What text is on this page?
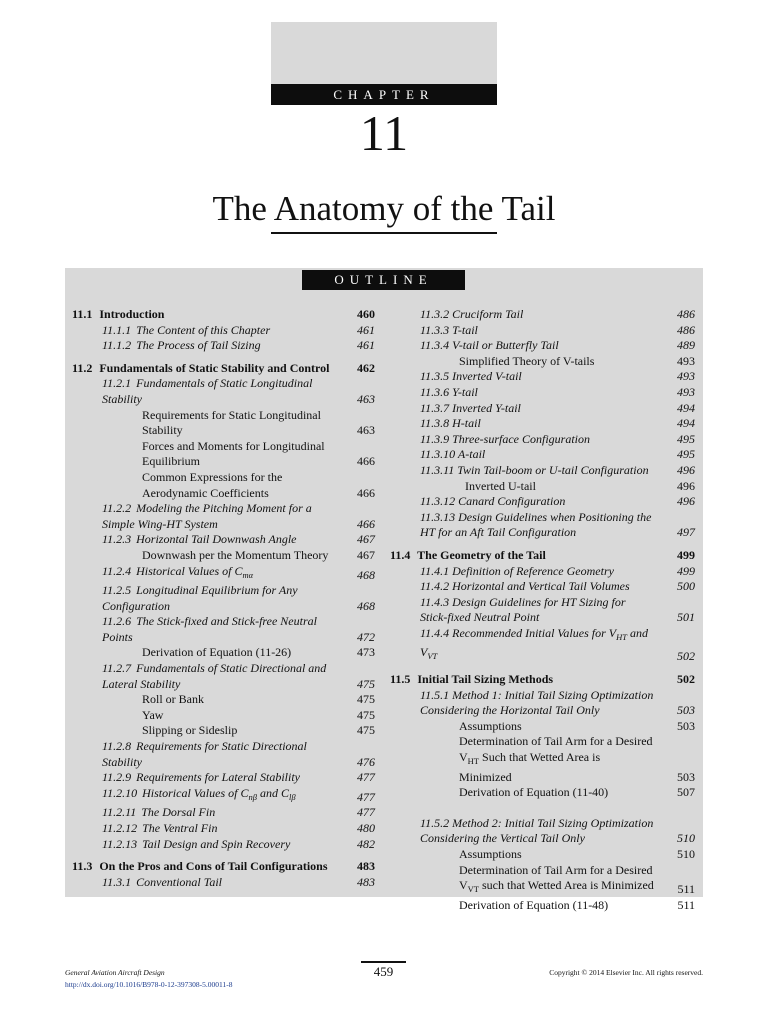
CHAPTER
11
The Anatomy of the Tail
OUTLINE
11.1 Introduction	460
11.1.1 The Content of this Chapter	461
11.1.2 The Process of Tail Sizing	461
11.2 Fundamentals of Static Stability and Control	462
11.2.1 Fundamentals of Static Longitudinal Stability	463
Requirements for Static Longitudinal Stability	463
Forces and Moments for Longitudinal Equilibrium	466
Common Expressions for the Aerodynamic Coefficients	466
11.2.2 Modeling the Pitching Moment for a Simple Wing-HT System	466
11.2.3 Horizontal Tail Downwash Angle	467
Downwash per the Momentum Theory	467
11.2.4 Historical Values of $C_{m\alpha}$	468
11.2.5 Longitudinal Equilibrium for Any Configuration	468
11.2.6 The Stick-fixed and Stick-free Neutral Points	472
Derivation of Equation (11-26)	473
11.2.7 Fundamentals of Static Directional and Lateral Stability	475
Roll or Bank	475
Yaw	475
Slipping or Sideslip	475
11.2.8 Requirements for Static Directional Stability	476
11.2.9 Requirements for Lateral Stability	477
11.2.10 Historical Values of $C_{n\beta}$ and $C_{l\beta}$	477
11.2.11 The Dorsal Fin	477
11.2.12 The Ventral Fin	480
11.2.13 Tail Design and Spin Recovery	482
11.3 On the Pros and Cons of Tail Configurations	483
11.3.1 Conventional Tail	483
11.3.2 Cruciform Tail	486
11.3.3 T-tail	486
11.3.4 V-tail or Butterfly Tail	489
Simplified Theory of V-tails	493
11.3.5 Inverted V-tail	493
11.3.6 Y-tail	493
11.3.7 Inverted Y-tail	494
11.3.8 H-tail	494
11.3.9 Three-surface Configuration	495
11.3.10 A-tail	495
11.3.11 Twin Tail-boom or U-tail Configuration	496
Inverted U-tail	496
11.3.12 Canard Configuration	496
11.3.13 Design Guidelines when Positioning the HT for an Aft Tail Configuration	497
11.4 The Geometry of the Tail	499
11.4.1 Definition of Reference Geometry	499
11.4.2 Horizontal and Vertical Tail Volumes	500
11.4.3 Design Guidelines for HT Sizing for Stick-fixed Neutral Point	501
11.4.4 Recommended Initial Values for $V_{HT}$ and $V_{VT}$	502
11.5 Initial Tail Sizing Methods	502
11.5.1 Method 1: Initial Tail Sizing Optimization Considering the Horizontal Tail Only	503
Assumptions	503
Determination of Tail Arm for a Desired $V_{HT}$ Such that Wetted Area is Minimized	503
Derivation of Equation (11-40)	507
11.5.2 Method 2: Initial Tail Sizing Optimization Considering the Vertical Tail Only	510
Assumptions	510
Determination of Tail Arm for a Desired $V_{VT}$ such that Wetted Area is Minimized	511
Derivation of Equation (11-48)	511
General Aviation Aircraft Design
http://dx.doi.org/10.1016/B978-0-12-397308-5.00011-8
459	Copyright © 2014 Elsevier Inc. All rights reserved.
